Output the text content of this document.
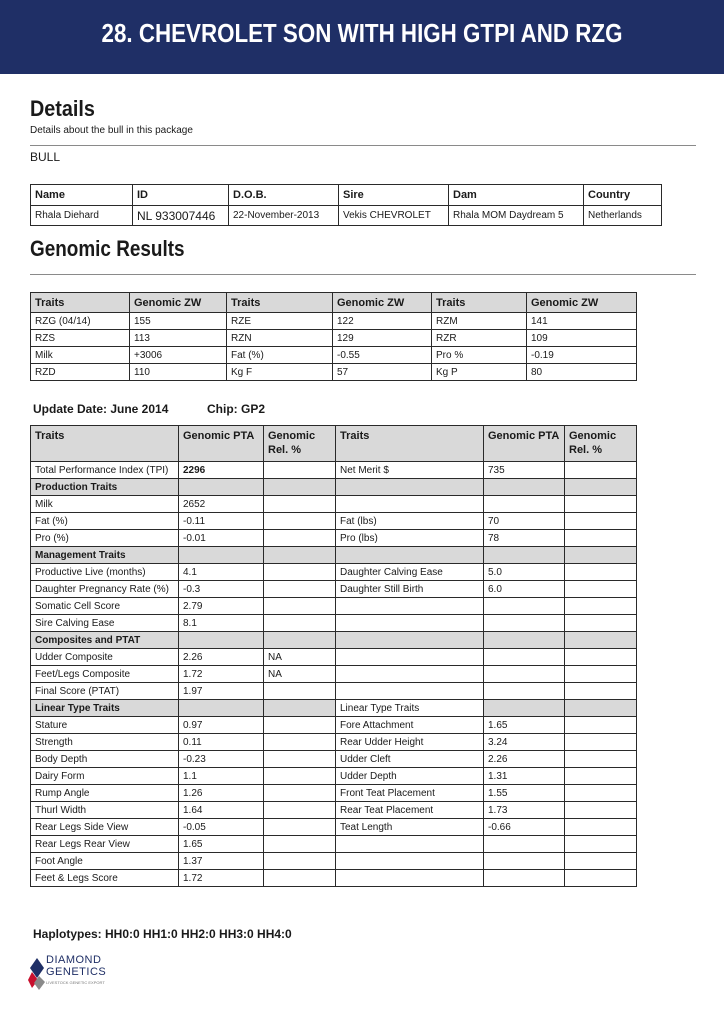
28. CHEVROLET SON WITH HIGH GTPI AND RZG
Details
Details about the bull in this package
BULL
Name	ID	D.O.B.	Sire	Dam	Country
Rhala Diehard	NL 933007446	22-November-2013	Vekis CHEVROLET	Rhala MOM Daydream 5	Netherlands
Genomic Results
Traits	Genomic ZW	Traits	Genomic ZW	Traits	Genomic ZW
RZG (04/14)	155	RZE	122	RZM	141
RZS	113	RZN	129	RZR	109
Milk	+3006	Fat (%)	-0.55	Pro %	-0.19
RZD	110	Kg F	57	Kg P	80
Update Date: June 2014	Chip: GP2
Traits	Genomic PTA	Genomic Rel. %	Traits	Genomic PTA	Genomic Rel. %
Total Performance Index (TPI)	2296		Net Merit $	735	
Production Traits					
Milk	2652				
Fat (%)	-0.11		Fat (lbs)	70	
Pro (%)	-0.01		Pro (lbs)	78	
Management Traits					
Productive Live (months)	4.1		Daughter Calving Ease	5.0	
Daughter Pregnancy Rate (%)	-0.3		Daughter Still Birth	6.0	
Somatic Cell Score	2.79				
Sire Calving Ease	8.1				
Composites and PTAT					
Udder Composite	2.26	NA			
Feet/Legs Composite	1.72	NA			
Final Score (PTAT)	1.97				
Linear Type Traits			Linear Type Traits		
Stature	0.97		Fore Attachment	1.65	
Strength	0.11		Rear Udder Height	3.24	
Body Depth	-0.23		Udder Cleft	2.26	
Dairy Form	1.1		Udder Depth	1.31	
Rump Angle	1.26		Front Teat Placement	1.55	
Thurl Width	1.64		Rear Teat Placement	1.73	
Rear Legs Side View	-0.05		Teat Length	-0.66	
Rear Legs Rear View	1.65				
Foot Angle	1.37				
Feet & Legs Score	1.72				
Haplotypes: HH0:0 HH1:0 HH2:0 HH3:0 HH4:0
DIAMOND
GENETICS
LIVESTOCK GENETIC EXPORT
